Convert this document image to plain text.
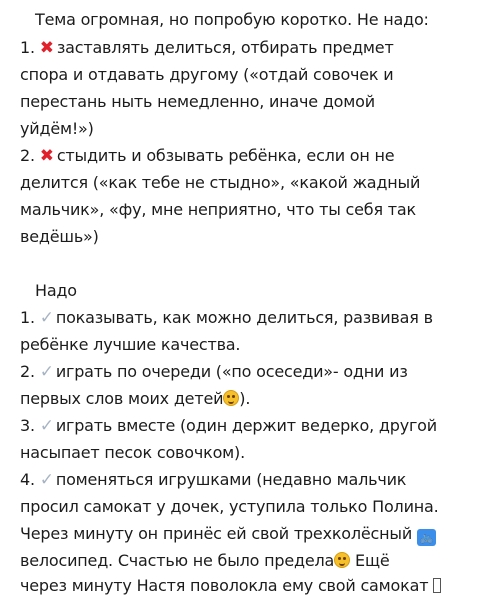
Тема огромная, но попробую коротко. Не надо:
1. ✖ заставлять делиться, отбирать предмет
спора и отдавать другому («отдай совочек и
перестань ныть немедленно, иначе домой
уйдём!»)
2. ✖ стыдить и обзывать ребёнка, если он не
делится («как тебе не стыдно», «какой жадный
мальчик», «фу, мне неприятно, что ты себя так
ведёшь»)
Надо
1. ✓ показывать, как можно делиться, развивая в
ребёнке лучшие качества.
2. ✓ играть по очереди («по осеседи»- одни из
первых слов моих детей ).
3. ✓ играть вместе (один держит ведерко, другой
насыпает песок совочком).
4. ✓ поменяться игрушками (недавно мальчик
просил самокат у дочек, уступила только Полина.
Через минуту он принёс ей свой трехколёсный 🚲
велосипед. Счастью не было предела Ещё
через минуту Настя поволокла ему свой самокат
